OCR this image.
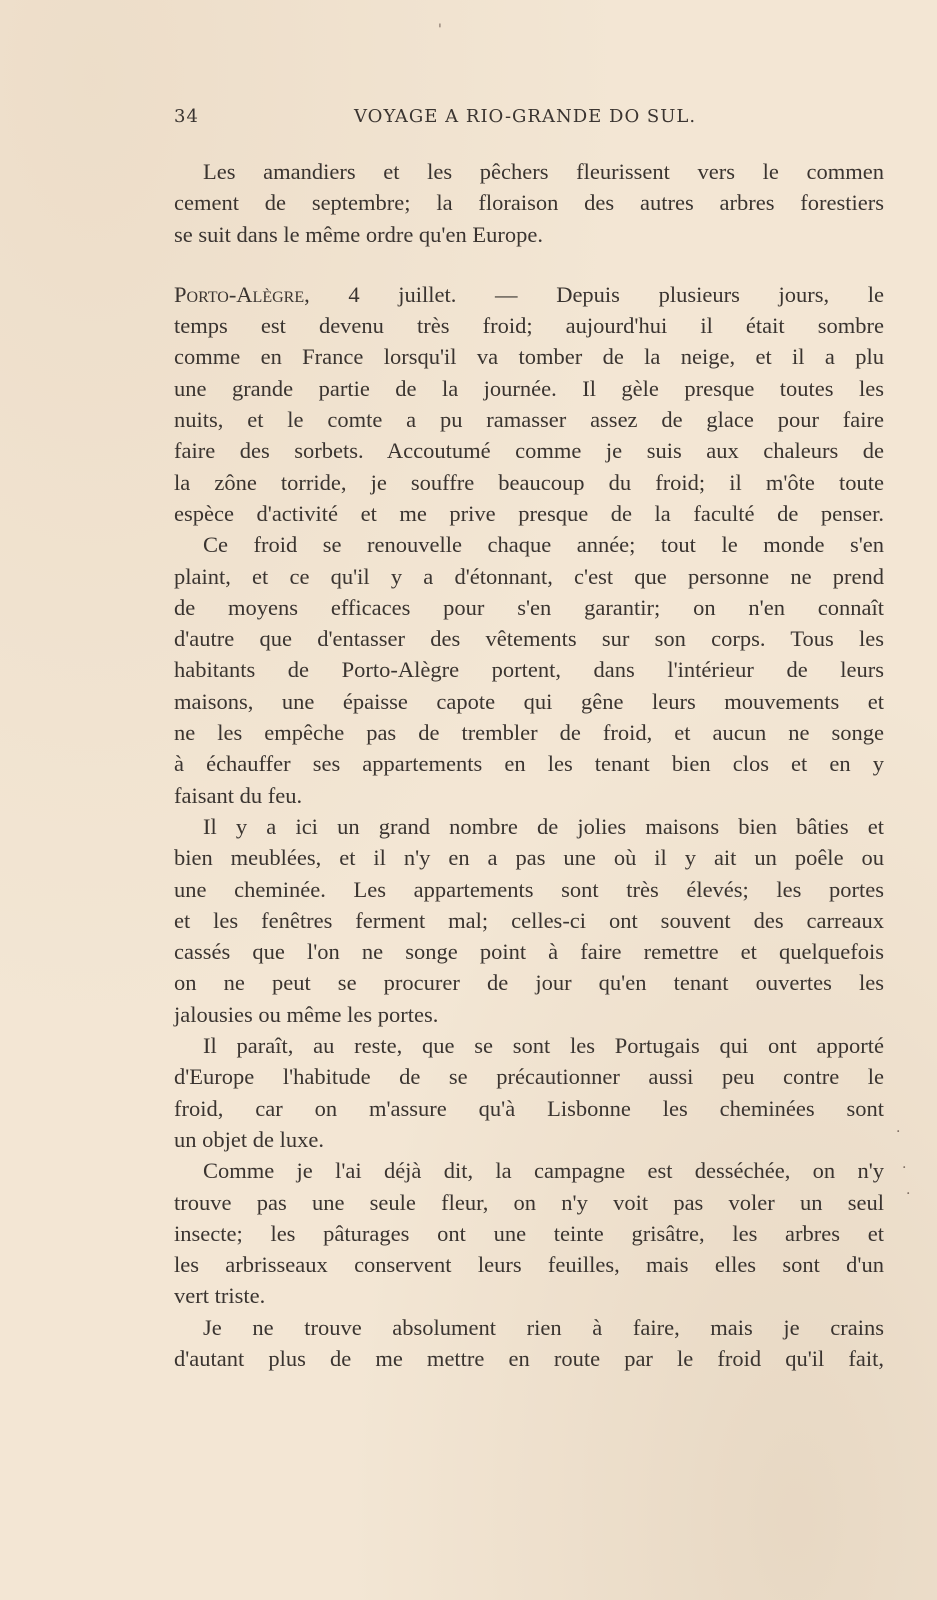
34	VOYAGE A RIO-GRANDE DO SUL.
Les amandiers et les pêchers fleurissent vers le commen
cement de septembre; la floraison des autres arbres forestiers
se suit dans le même ordre qu'en Europe.
Porto-Alègre, 4 juillet. — Depuis plusieurs jours, le
temps est devenu très froid; aujourd'hui il était sombre
comme en France lorsqu'il va tomber de la neige, et il a plu
une grande partie de la journée. Il gèle presque toutes les
nuits, et le comte a pu ramasser assez de glace pour faire
faire des sorbets. Accoutumé comme je suis aux chaleurs de
la zône torride, je souffre beaucoup du froid; il m'ôte toute
espèce d'activité et me prive presque de la faculté de penser.
Ce froid se renouvelle chaque année; tout le monde s'en
plaint, et ce qu'il y a d'étonnant, c'est que personne ne prend
de moyens efficaces pour s'en garantir; on n'en connaît
d'autre que d'entasser des vêtements sur son corps. Tous les
habitants de Porto-Alègre portent, dans l'intérieur de leurs
maisons, une épaisse capote qui gêne leurs mouvements et
ne les empêche pas de trembler de froid, et aucun ne songe
à échauffer ses appartements en les tenant bien clos et en y
faisant du feu.
Il y a ici un grand nombre de jolies maisons bien bâties et
bien meublées, et il n'y en a pas une où il y ait un poêle ou
une cheminée. Les appartements sont très élevés; les portes
et les fenêtres ferment mal; celles-ci ont souvent des carreaux
cassés que l'on ne songe point à faire remettre et quelquefois
on ne peut se procurer de jour qu'en tenant ouvertes les
jalousies ou même les portes.
Il paraît, au reste, que se sont les Portugais qui ont apporté
d'Europe l'habitude de se précautionner aussi peu contre le
froid, car on m'assure qu'à Lisbonne les cheminées sont
un objet de luxe.
Comme je l'ai déjà dit, la campagne est desséchée, on n'y
trouve pas une seule fleur, on n'y voit pas voler un seul
insecte; les pâturages ont une teinte grisâtre, les arbres et
les arbrisseaux conservent leurs feuilles, mais elles sont d'un
vert triste.
Je ne trouve absolument rien à faire, mais je crains
d'autant plus de me mettre en route par le froid qu'il fait,
'
·
·
·
